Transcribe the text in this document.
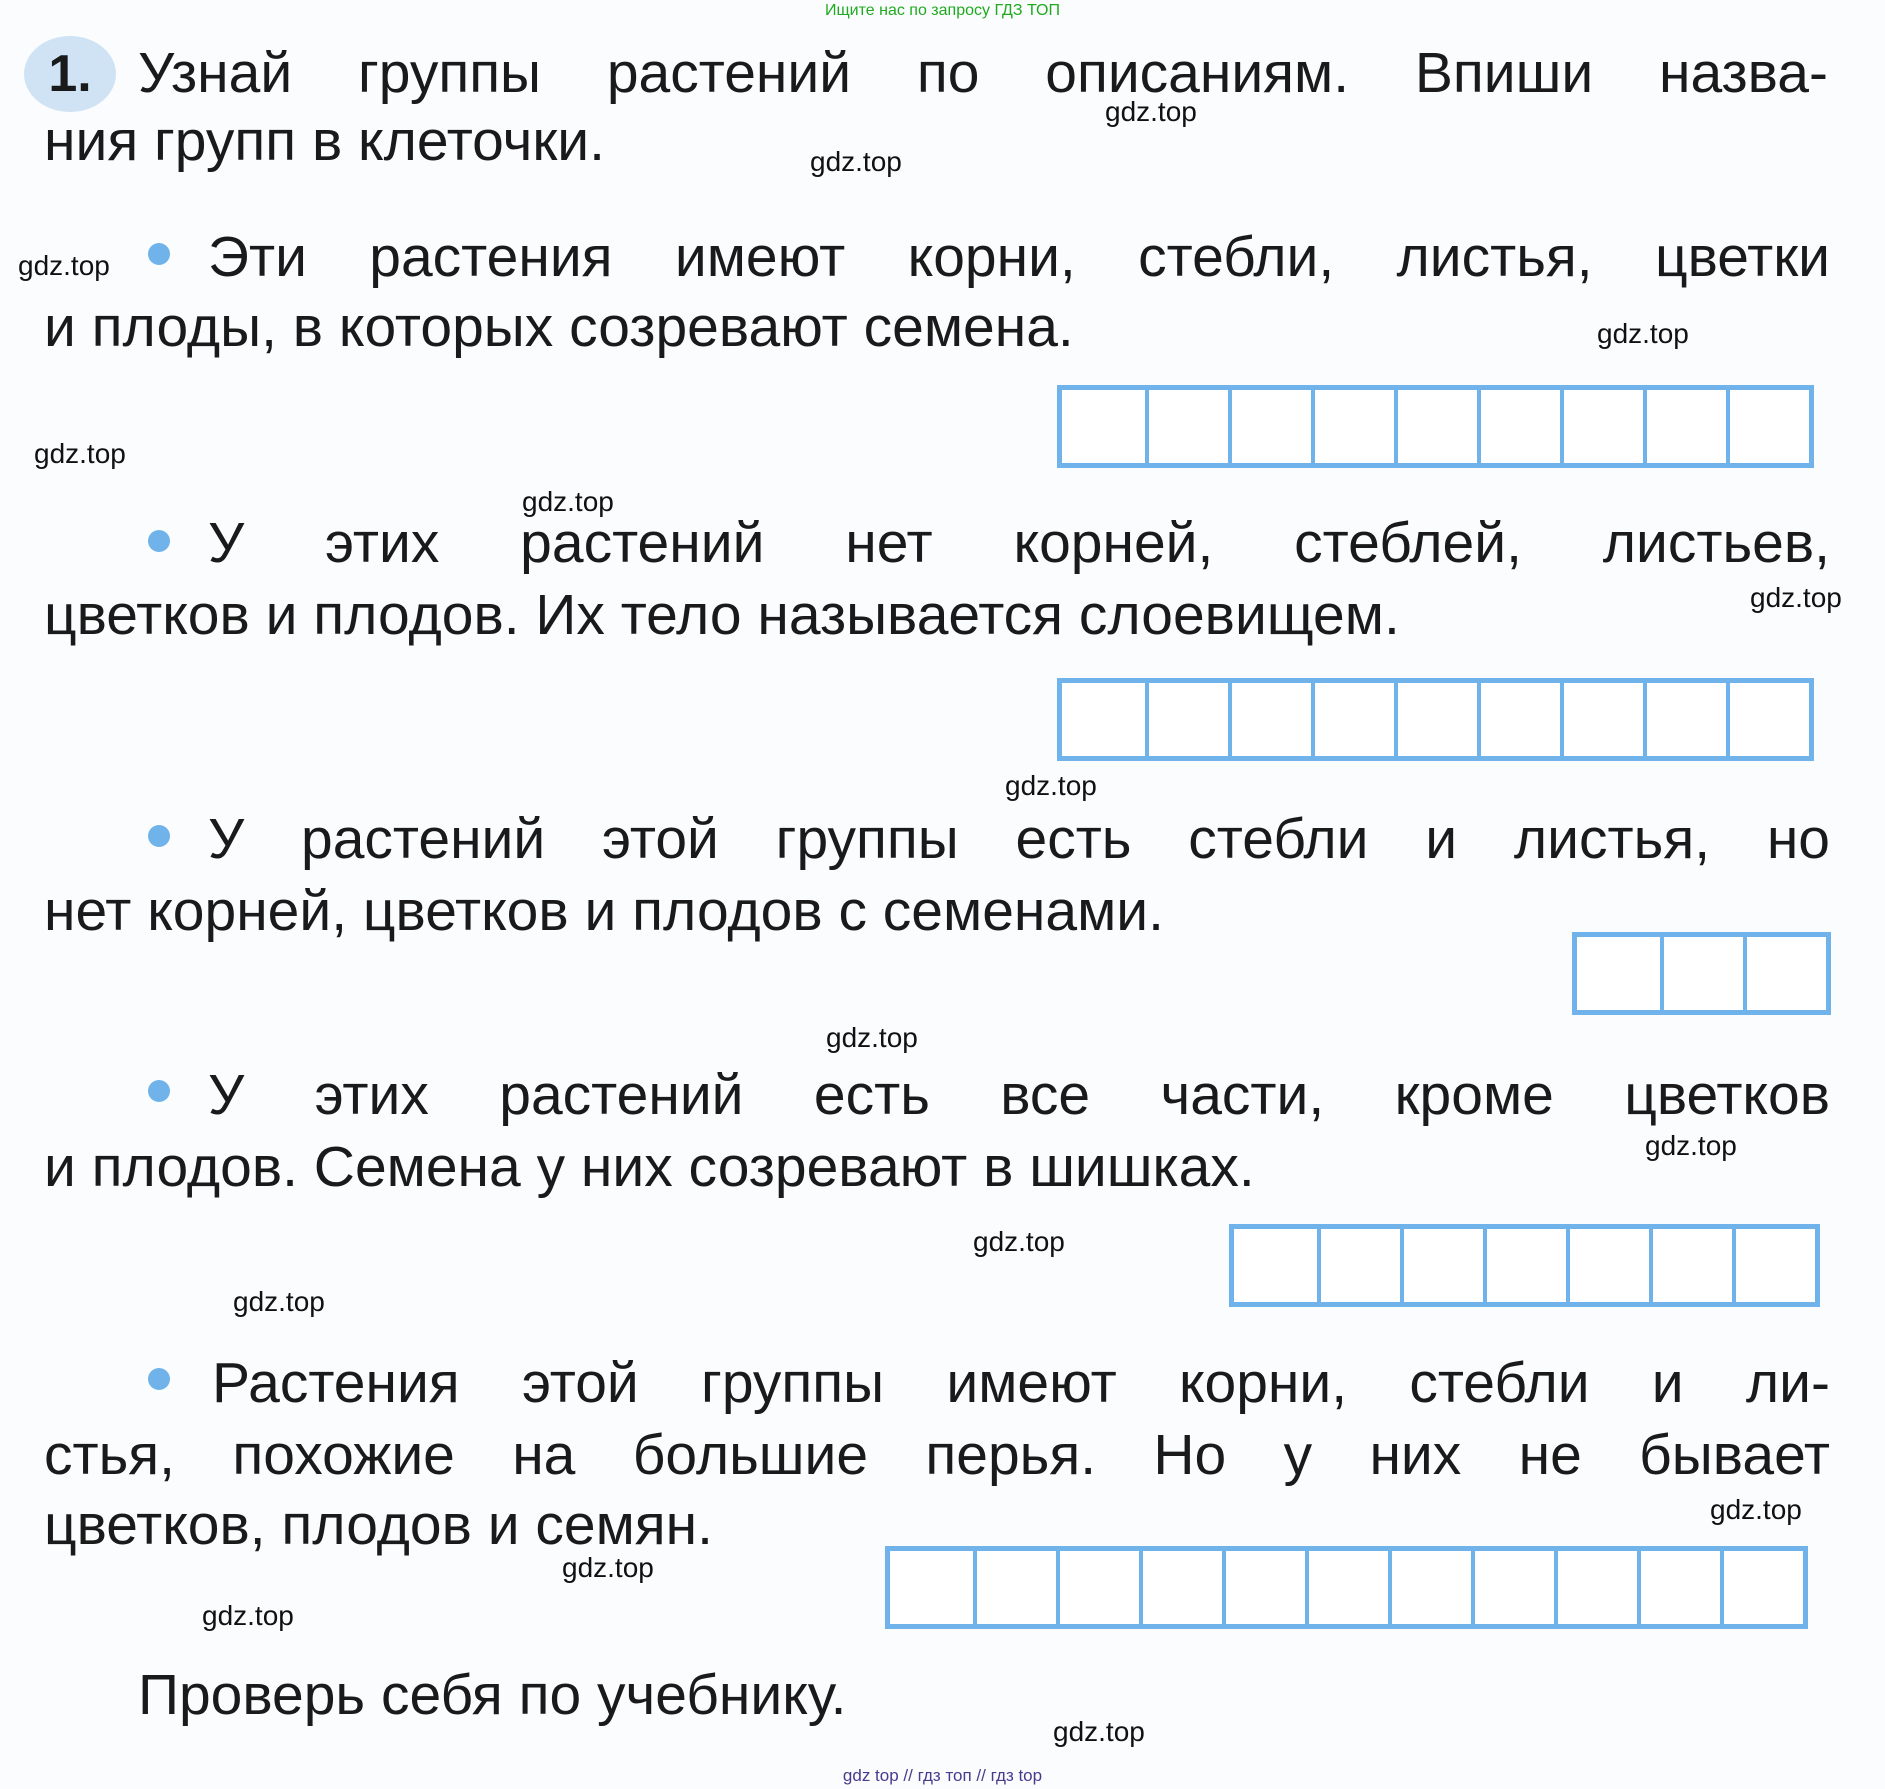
Ищите нас по запросу ГДЗ ТОП
1. Узнай группы растений по описаниям. Впиши назва-
ния групп в клеточки.
Эти растения имеют корни, стебли, листья, цветки
и плоды, в которых созревают семена.
У этих растений нет корней, стеблей, листьев,
цветков и плодов. Их тело называется слоевищем.
У растений этой группы есть стебли и листья, но
нет корней, цветков и плодов с семенами.
У этих растений есть все части, кроме цветков
и плодов. Семена у них созревают в шишках.
Растения этой группы имеют корни, стебли и ли-
стья, похожие на большие перья. Но у них не бывает
цветков, плодов и семян.
Проверь себя по учебнику.
gdz.top
gdz.top
gdz.top
gdz.top
gdz.top
gdz.top
gdz.top
gdz.top
gdz.top
gdz.top
gdz.top
gdz.top
gdz.top
gdz.top
gdz.top
gdz.top
gdz top // гдз топ // гдз top
